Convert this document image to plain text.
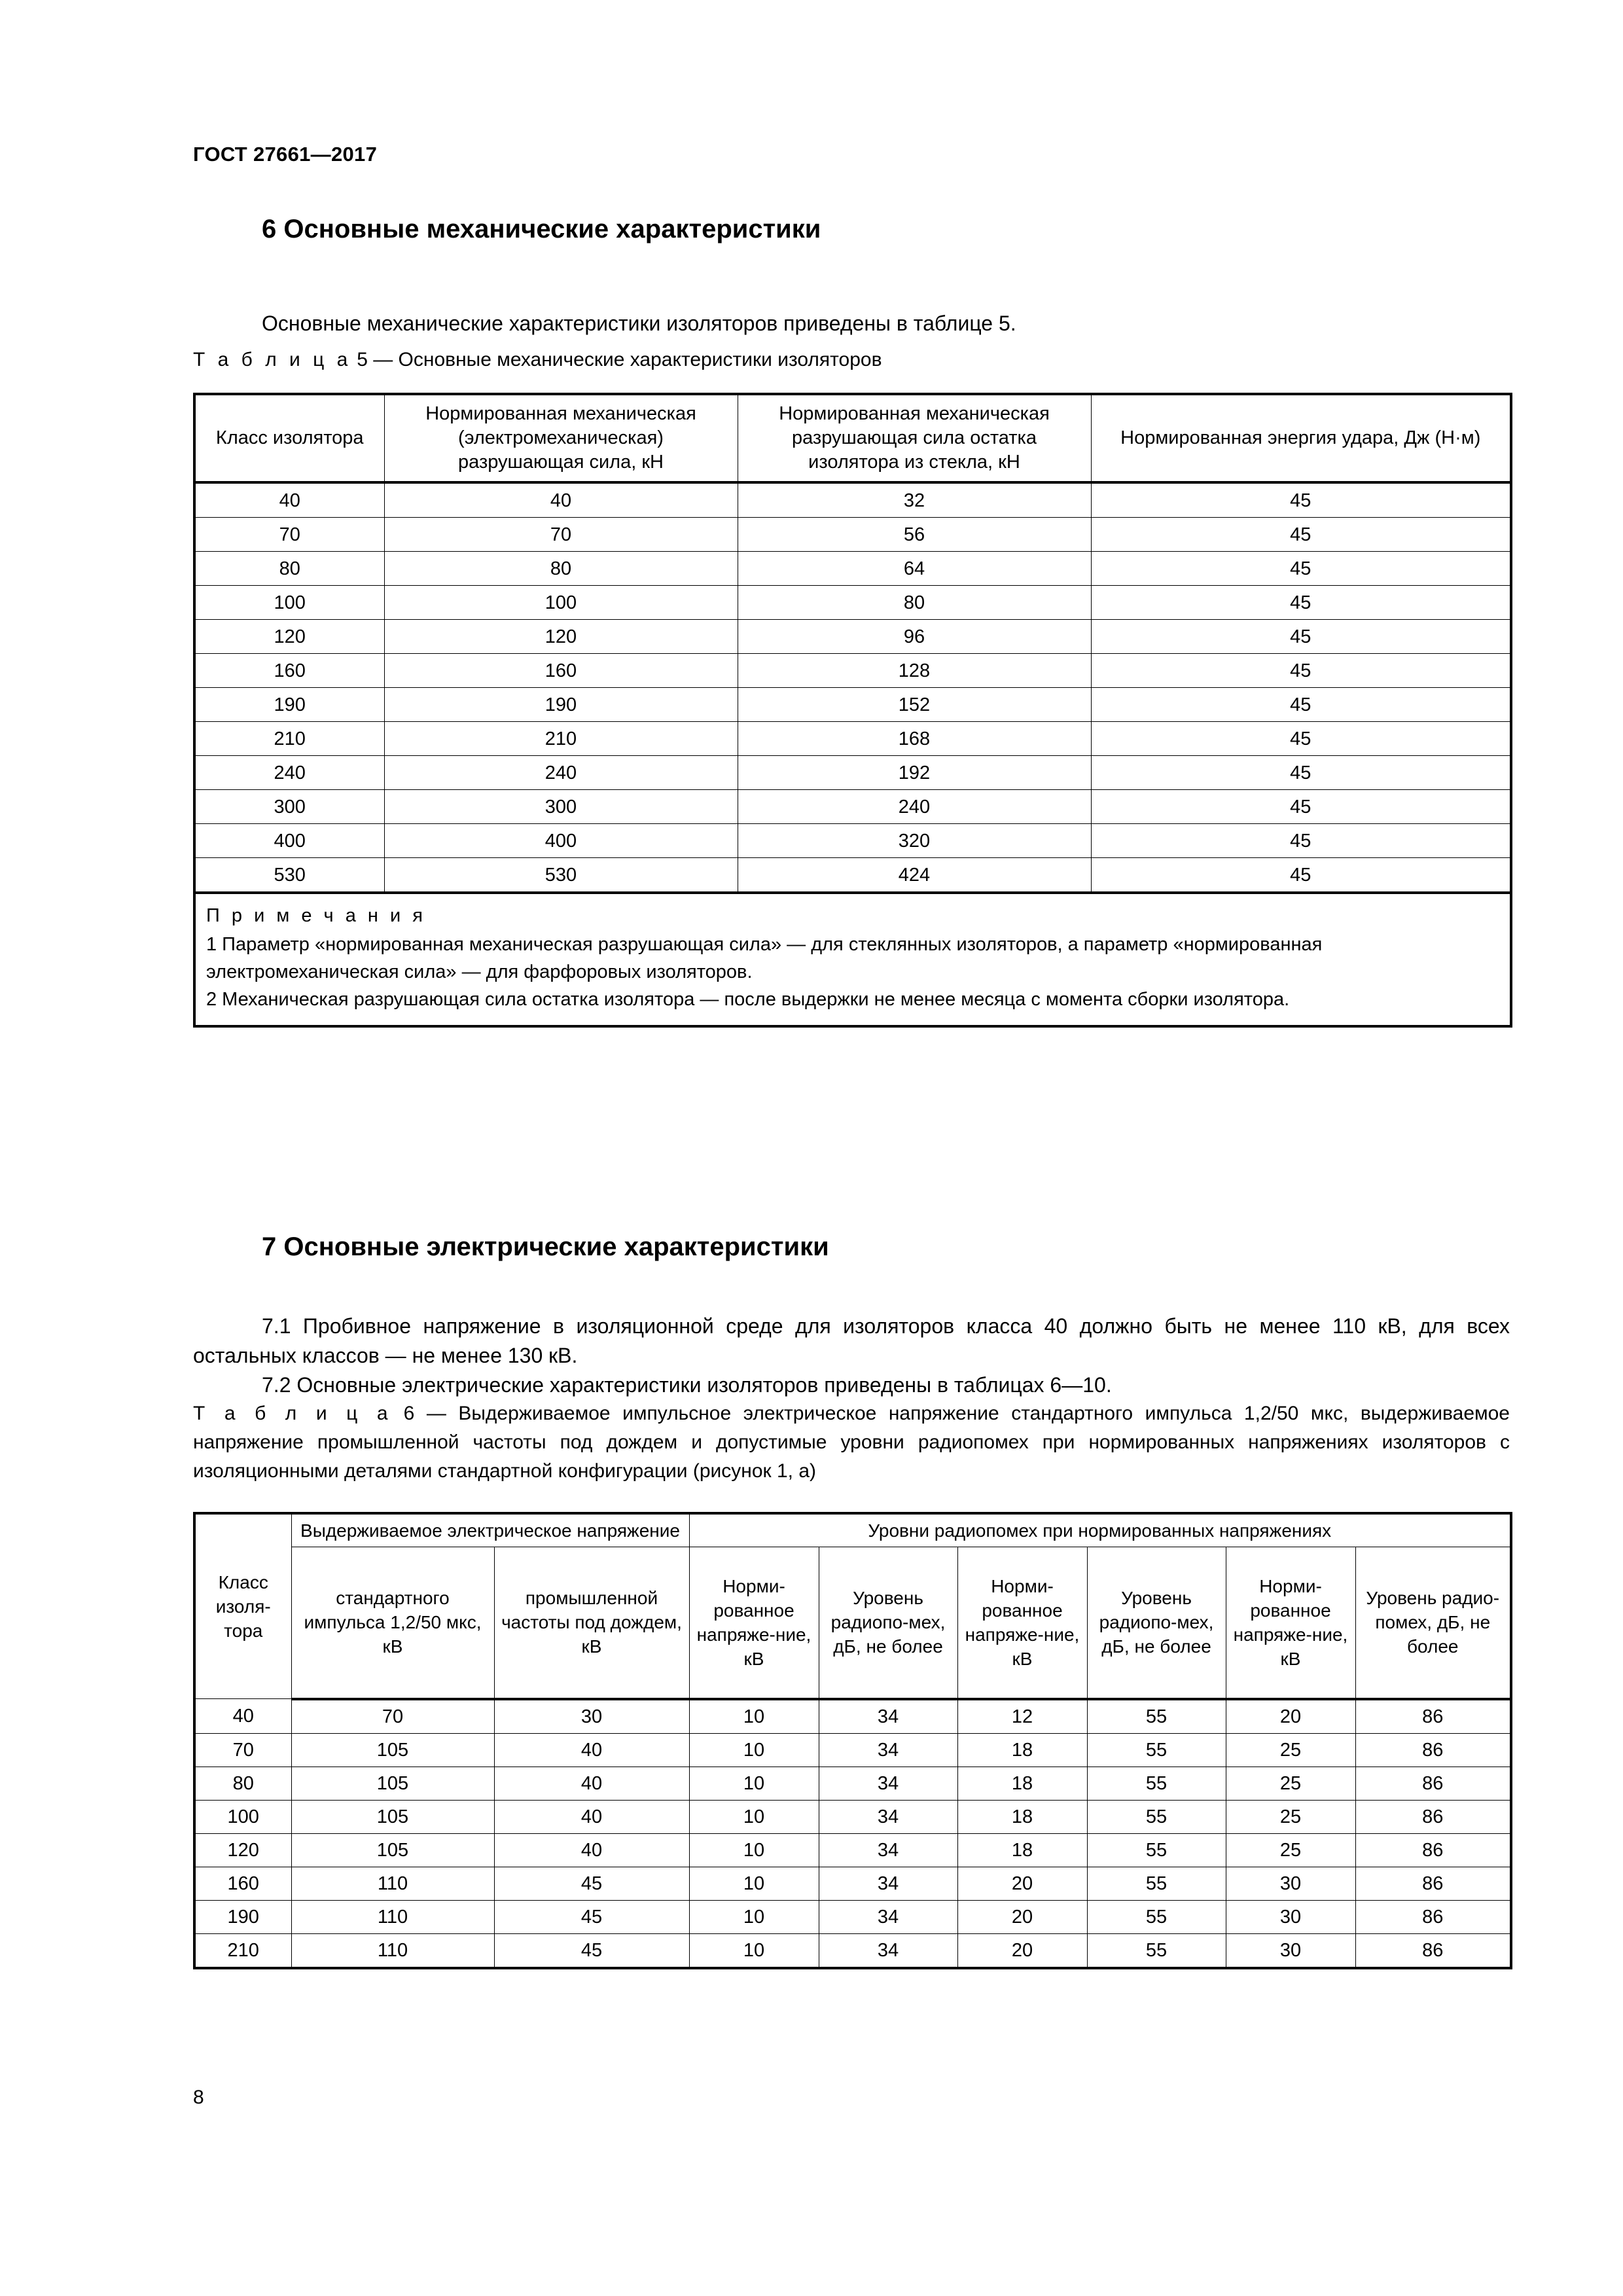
ГОСТ 27661—2017
6 Основные механические характеристики

Основные механические характеристики изоляторов приведены в таблице 5.

Т а б л и ц а 5 — Основные механические характеристики изоляторов
Класс изолятора	Нормированная механическая (электромеханическая) разрушающая сила, кН	Нормированная механическая разрушающая сила остатка изолятора из стекла, кН	Нормированная энергия удара, Дж (Н·м)
40	40	32	45
70	70	56	45
80	80	64	45
100	100	80	45
120	120	96	45
160	160	128	45
190	190	152	45
210	210	168	45
240	240	192	45
300	300	240	45
400	400	320	45
530	530	424	45

П р и м е ч а н и я
1 Параметр «нормированная механическая разрушающая сила» — для стеклянных изоляторов, а параметр «нормированная электромеханическая сила» — для фарфоровых изоляторов.
2 Механическая разрушающая сила остатка изолятора — после выдержки не менее месяца с момента сборки изолятора.			
7 Основные электрические характеристики

7.1 Пробивное напряжение в изоляционной среде для изоляторов класса 40 должно быть не менее 110 кВ, для всех остальных классов — не менее 130 кВ.

7.2 Основные электрические характеристики изоляторов приведены в таблицах 6—10.

Т а б л и ц а 6 — Выдерживаемое импульсное электрическое напряжение стандартного импульса 1,2/50 мкс, выдерживаемое напряжение промышленной частоты под дождем и допустимые уровни радиопомех при нормированных напряжениях изоляторов с изоляционными деталями стандартной конфигурации (рисунок 1, а)
Класс изоля-тора	Выдерживаемое электрическое напряжение		Уровни радиопомех при нормированных напряжениях					
	стандартного импульса 1,2/50 мкс, кВ	промышленной частоты под дождем, кВ	Норми-рованное напряже-ние, кВ	Уровень радиопо-мех, дБ, не более	Норми-рованное напряже-ние, кВ	Уровень радиопо-мех, дБ, не более	Норми-рованное напряже-ние, кВ	Уровень радио-помех, дБ, не более
40	70	30	10	34	12	55	20	86
70	105	40	10	34	18	55	25	86
80	105	40	10	34	18	55	25	86
100	105	40	10	34	18	55	25	86
120	105	40	10	34	18	55	25	86
160	110	45	10	34	20	55	30	86
190	110	45	10	34	20	55	30	86
210	110	45	10	34	20	55	30	86
8
